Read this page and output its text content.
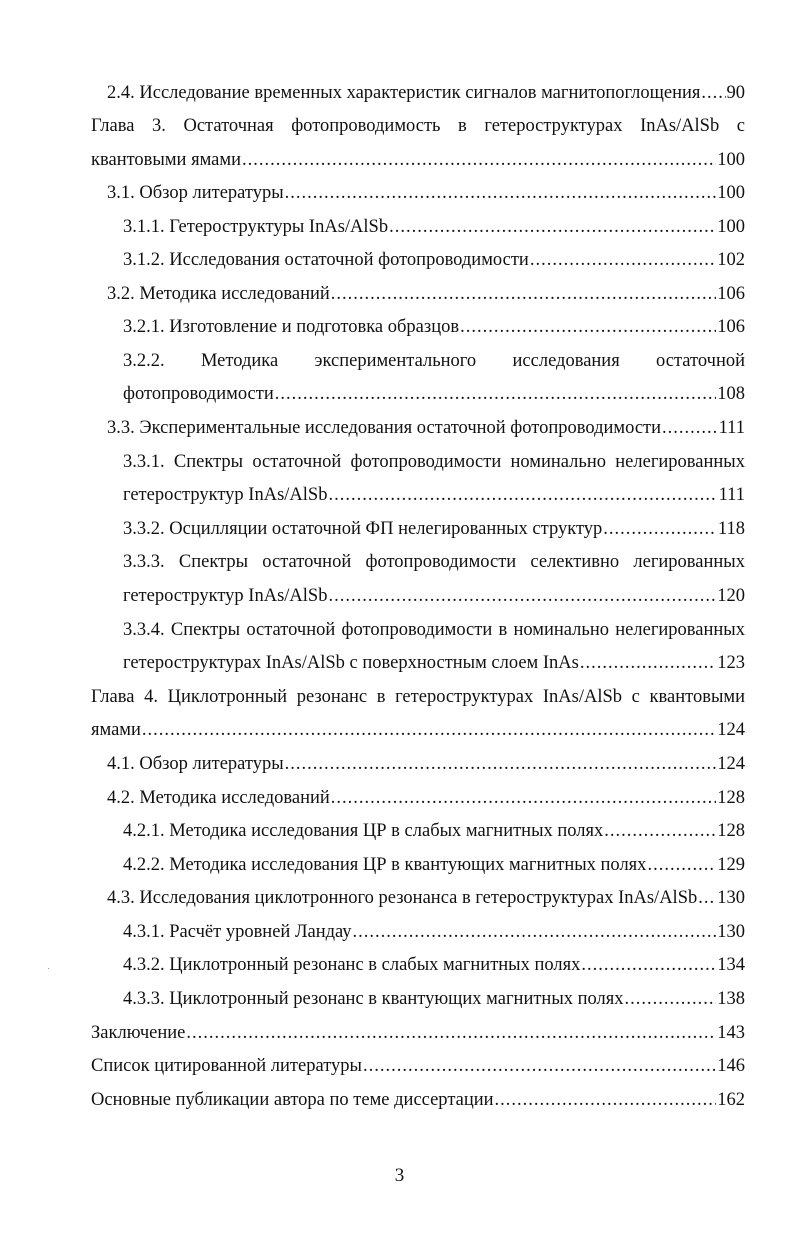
2.4. Исследование временных характеристик сигналов магнитопоглощения ..... 90
Глава 3. Остаточная фотопроводимость в гетероструктурах InAs/AlSb с
квантовыми ямами .....	100
3.1. Обзор литературы .....	100
3.1.1. Гетероструктуры InAs/AlSb .....	100
3.1.2. Исследования остаточной фотопроводимости .....	102
3.2. Методика исследований .....	106
3.2.1. Изготовление и подготовка образцов .....	106
3.2.2. Методика экспериментального исследования остаточной
фотопроводимости .....	108
3.3. Экспериментальные исследования остаточной фотопроводимости .....	111
3.3.1. Спектры остаточной фотопроводимости номинально нелегированных
гетероструктур InAs/AlSb .....	111
3.3.2. Осцилляции остаточной ФП нелегированных структур .....	118
3.3.3. Спектры остаточной фотопроводимости селективно легированных
гетероструктур InAs/AlSb .....	120
3.3.4. Спектры остаточной фотопроводимости в номинально нелегированных
гетероструктурах InAs/AlSb с поверхностным слоем InAs .....	123
Глава 4. Циклотронный резонанс в гетероструктурах InAs/AlSb с квантовыми
ямами .....	124
4.1. Обзор литературы .....	124
4.2. Методика исследований .....	128
4.2.1. Методика исследования ЦР в слабых магнитных полях .....	128
4.2.2. Методика исследования ЦР в квантующих магнитных полях .....	129
4.3. Исследования циклотронного резонанса в гетероструктурах InAs/AlSb ..... 130
4.3.1. Расчёт уровней Ландау .....	130
4.3.2. Циклотронный резонанс в слабых магнитных полях .....	134
4.3.3. Циклотронный резонанс в квантующих магнитных полях .....	138
Заключение .....	143
Список цитированной литературы .....	146
Основные публикации автора по теме диссертации .....	162
3
